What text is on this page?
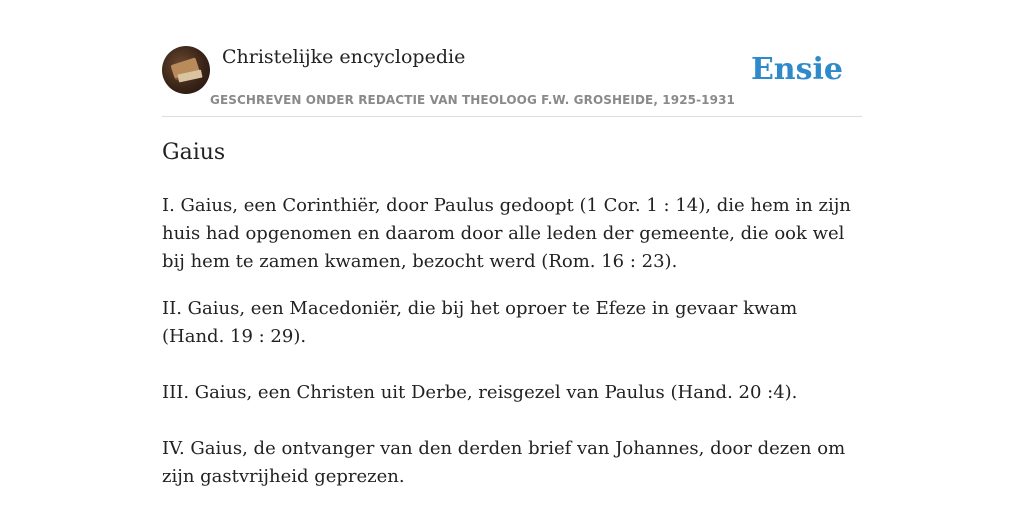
Christelijke encyclopedie
GESCHREVEN ONDER REDACTIE VAN THEOLOOG F.W. GROSHEIDE, 1925-1931
Ensie
Gaius

I. Gaius, een Corinthiër, door Paulus gedoopt (1 Cor. 1 : 14), die hem in zijn huis had opgenomen en daarom door alle leden der gemeente, die ook wel bij hem te zamen kwamen, bezocht werd (Rom. 16 : 23).

II. Gaius, een Macedoniër, die bij het oproer te Efeze in gevaar kwam (Hand. 19 : 29).

III. Gaius, een Christen uit Derbe, reisgezel van Paulus (Hand. 20 :4).

IV. Gaius, de ontvanger van den derden brief van Johannes, door dezen om zijn gastvrijheid geprezen.
